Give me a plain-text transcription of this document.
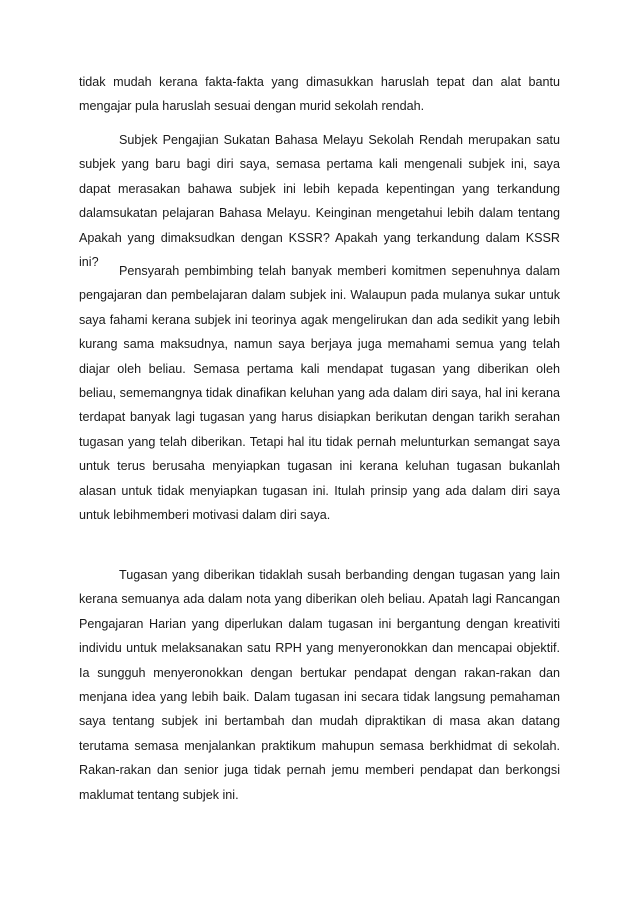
tidak mudah kerana fakta-fakta yang dimasukkan haruslah tepat dan alat bantu mengajar pula haruslah sesuai dengan murid sekolah rendah.

Subjek Pengajian Sukatan Bahasa Melayu Sekolah Rendah merupakan satu subjek yang baru bagi diri saya, semasa pertama kali mengenali subjek ini, saya dapat merasakan bahawa subjek ini lebih kepada kepentingan yang terkandung dalamsukatan pelajaran Bahasa Melayu. Keinginan mengetahui lebih dalam tentang Apakah yang dimaksudkan dengan KSSR? Apakah yang terkandung dalam KSSR ini?

Pensyarah pembimbing telah banyak memberi komitmen sepenuhnya dalam pengajaran dan pembelajaran dalam subjek ini. Walaupun pada mulanya sukar untuk saya fahami kerana subjek ini teorinya agak mengelirukan dan ada sedikit yang lebih kurang sama maksudnya, namun saya berjaya juga memahami semua yang telah diajar oleh beliau. Semasa pertama kali mendapat tugasan yang diberikan oleh beliau, sememangnya tidak dinafikan keluhan yang ada dalam diri saya, hal ini kerana terdapat banyak lagi tugasan yang harus disiapkan berikutan dengan tarikh serahan tugasan yang telah diberikan. Tetapi hal itu tidak pernah melunturkan semangat saya untuk terus berusaha menyiapkan tugasan ini kerana keluhan tugasan bukanlah alasan untuk tidak menyiapkan tugasan ini. Itulah prinsip yang ada dalam diri saya untuk lebihmemberi motivasi dalam diri saya.

Tugasan yang diberikan tidaklah susah berbanding dengan tugasan yang lain kerana semuanya ada dalam nota yang diberikan oleh beliau. Apatah lagi Rancangan Pengajaran Harian yang diperlukan dalam tugasan ini bergantung dengan kreativiti individu untuk melaksanakan satu RPH yang menyeronokkan dan mencapai objektif. Ia sungguh menyeronokkan dengan bertukar pendapat dengan rakan-rakan dan menjana idea yang lebih baik. Dalam tugasan ini secara tidak langsung pemahaman saya tentang subjek ini bertambah dan mudah dipraktikan di masa akan datang terutama semasa menjalankan praktikum mahupun semasa berkhidmat di sekolah. Rakan-rakan dan senior juga tidak pernah jemu memberi pendapat dan berkongsi maklumat tentang subjek ini.
